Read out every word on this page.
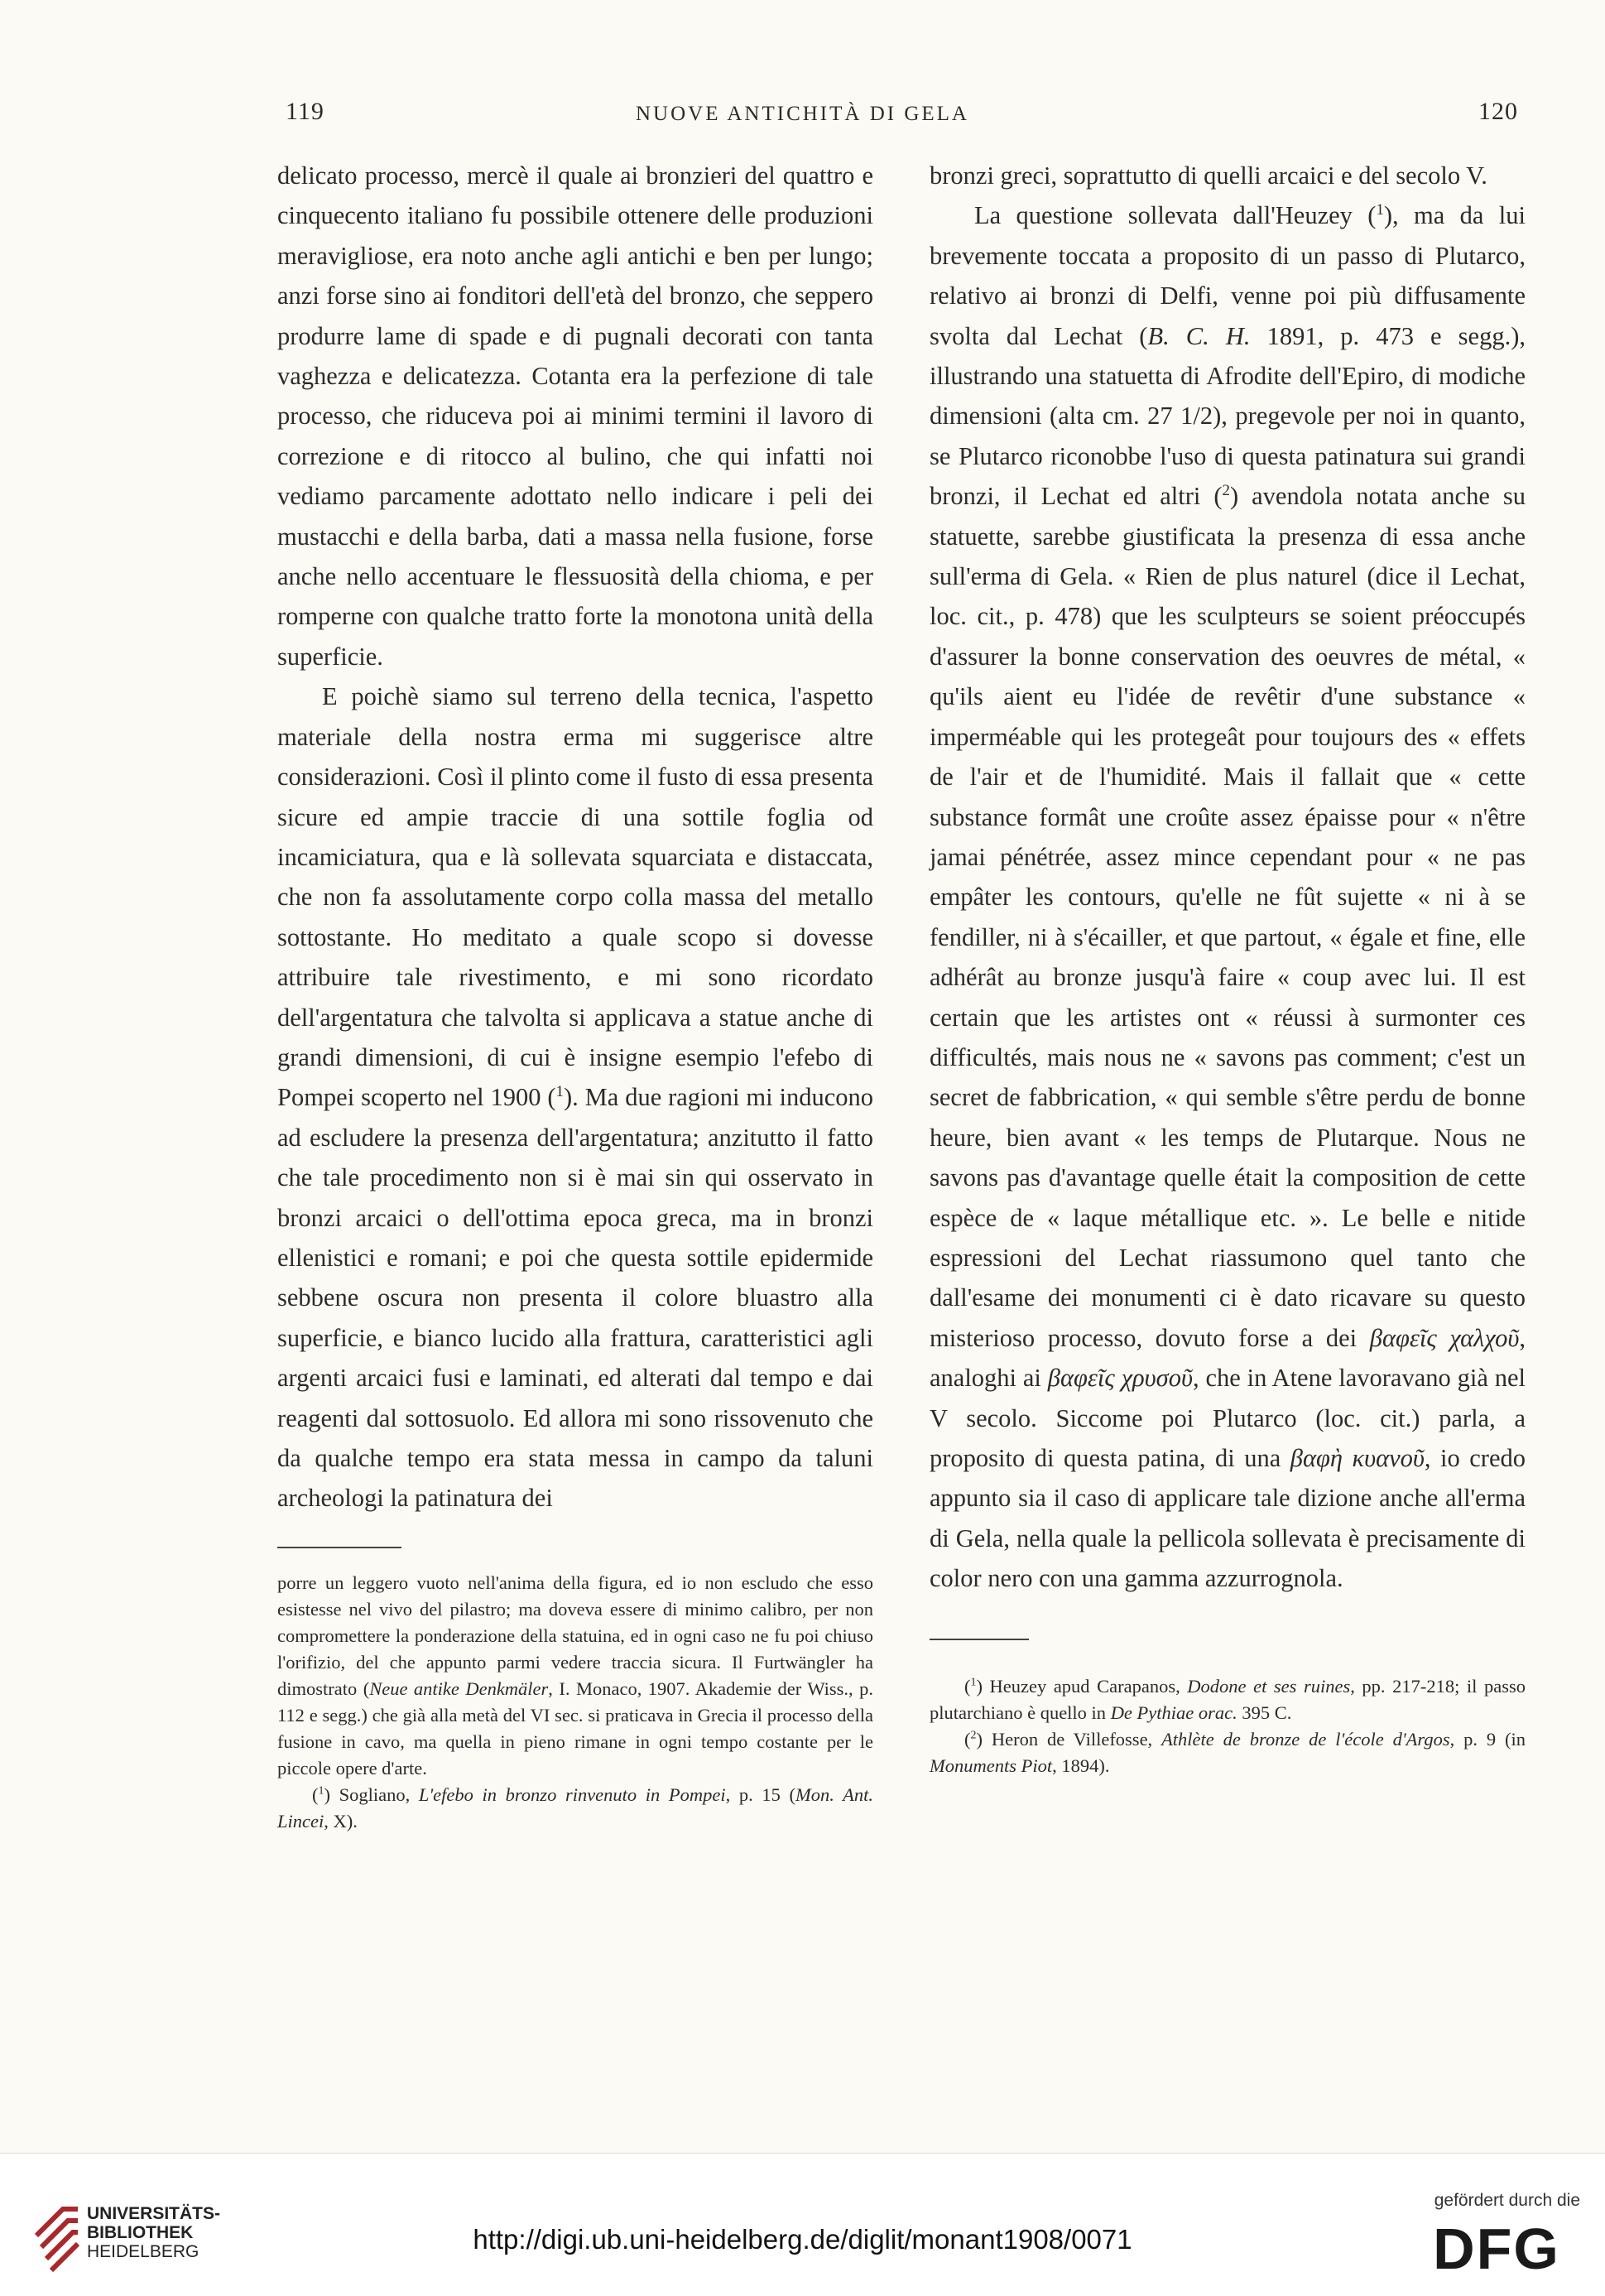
119	NUOVE ANTICHITÀ DI GELA	120

delicato processo, mercè il quale ai bronzieri del quattro e cinquecento italiano fu possibile ottenere delle produzioni meravigliose, era noto anche agli antichi e ben per lungo; anzi forse sino ai fonditori dell'età del bronzo, che seppero produrre lame di spade e di pugnali decorati con tanta vaghezza e delicatezza. Cotanta era la perfezione di tale processo, che riduceva poi ai minimi termini il lavoro di correzione e di ritocco al bulino, che qui infatti noi vediamo parcamente adottato nello indicare i peli dei mustacchi e della barba, dati a massa nella fusione, forse anche nello accentuare le flessuosità della chioma, e per romperne con qualche tratto forte la monotona unità della superficie.

E poichè siamo sul terreno della tecnica, l'aspetto materiale della nostra erma mi suggerisce altre considerazioni. Così il plinto come il fusto di essa presenta sicure ed ampie traccie di una sottile foglia od incamiciatura, qua e là sollevata squarciata e distaccata, che non fa assolutamente corpo colla massa del metallo sottostante. Ho meditato a quale scopo si dovesse attribuire tale rivestimento, e mi sono ricordato dell'argentatura che talvolta si applicava a statue anche di grandi dimensioni, di cui è insigne esempio l'efebo di Pompei scoperto nel 1900 ($^1$). Ma due ragioni mi inducono ad escludere la presenza dell'argentatura; anzitutto il fatto che tale procedimento non si è mai sin qui osservato in bronzi arcaici o dell'ottima epoca greca, ma in bronzi ellenistici e romani; e poi che questa sottile epidermide sebbene oscura non presenta il colore bluastro alla superficie, e bianco lucido alla frattura, caratteristici agli argenti arcaici fusi e laminati, ed alterati dal tempo e dai reagenti dal sottosuolo. Ed allora mi sono rissovenuto che da qualche tempo era stata messa in campo da taluni archeologi la patinatura dei

porre un leggero vuoto nell'anima della figura, ed io non escludo che esso esistesse nel vivo del pilastro; ma doveva essere di minimo calibro, per non compromettere la ponderazione della statuina, ed in ogni caso ne fu poi chiuso l'orifizio, del che appunto parmi vedere traccia sicura. Il Furtwängler ha dimostrato (Neue antike Denkmäler, I. Monaco, 1907. Akademie der Wiss., p. 112 e segg.) che già alla metà del VI sec. si praticava in Grecia il processo della fusione in cavo, ma quella in pieno rimane in ogni tempo costante per le piccole opere d'arte.

($^1$) Sogliano, L'efebo in bronzo rinvenuto in Pompei, p. 15 (Mon. Ant. Lincei, X).

bronzi greci, soprattutto di quelli arcaici e del secolo V.

La questione sollevata dall'Heuzey ($^1$), ma da lui brevemente toccata a proposito di un passo di Plutarco, relativo ai bronzi di Delfi, venne poi più diffusamente svolta dal Lechat (B. C. H. 1891, p. 473 e segg.), illustrando una statuetta di Afrodite dell'Epiro, di modiche dimensioni (alta cm. 27 1/2), pregevole per noi in quanto, se Plutarco riconobbe l'uso di questa patinatura sui grandi bronzi, il Lechat ed altri ($^2$) avendola notata anche su statuette, sarebbe giustificata la presenza di essa anche sull'erma di Gela. « Rien de plus naturel (dice il Lechat, loc. cit., p. 478) que les sculpteurs se soient préoccupés d'assurer la bonne conservation des oeuvres de métal, « qu'ils aient eu l'idée de revêtir d'une substance « imperméable qui les protegeât pour toujours des « effets de l'air et de l'humidité. Mais il fallait que « cette substance formât une croûte assez épaisse pour « n'être jamai pénétrée, assez mince cependant pour « ne pas empâter les contours, qu'elle ne fût sujette « ni à se fendiller, ni à s'écailler, et que partout, « égale et fine, elle adhérât au bronze jusqu'à faire « coup avec lui. Il est certain que les artistes ont « réussi à surmonter ces difficultés, mais nous ne « savons pas comment; c'est un secret de fabbrication, « qui semble s'être perdu de bonne heure, bien avant « les temps de Plutarque. Nous ne savons pas d'avantage quelle était la composition de cette espèce de « laque métallique etc. ». Le belle e nitide espressioni del Lechat riassumono quel tanto che dall'esame dei monumenti ci è dato ricavare su questo misterioso processo, dovuto forse a dei βαφεῖς χαλχοῦ, analoghi ai βαφεῖς χρυσοῦ, che in Atene lavoravano già nel V secolo. Siccome poi Plutarco (loc. cit.) parla, a proposito di questa patina, di una βαφὴ κυανοῦ, io credo appunto sia il caso di applicare tale dizione anche all'erma di Gela, nella quale la pellicola sollevata è precisamente di color nero con una gamma azzurrognola.

($^1$) Heuzey apud Carapanos, Dodone et ses ruines, pp. 217-218; il passo plutarchiano è quello in De Pythiae orac. 395 C.

($^2$) Heron de Villefosse, Athlète de bronze de l'école d'Argos, p. 9 (in Monuments Piot, 1894).

UNIVERSITÄTS-
BIBLIOTHEK
HEIDELBERG	http://digi.ub.uni-heidelberg.de/diglit/monant1908/0071
gefördert durch die
DFG
